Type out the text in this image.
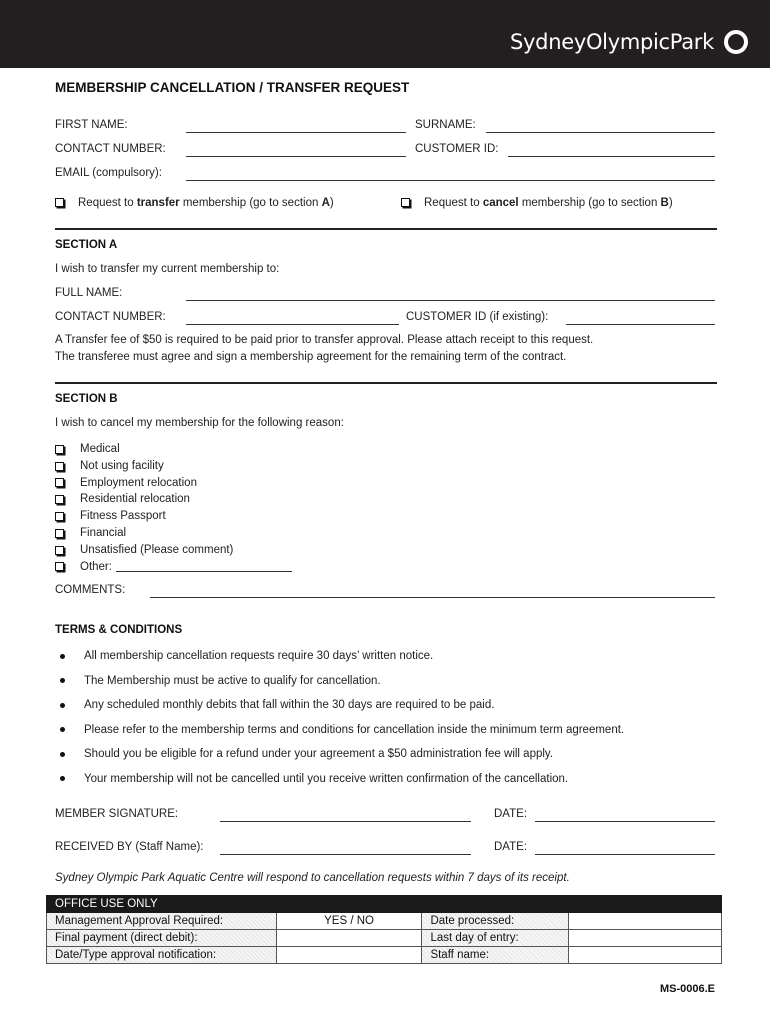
SydneyOlympicPark
MEMBERSHIP CANCELLATION / TRANSFER REQUEST
FIRST NAME:	SURNAME:
CONTACT NUMBER:	CUSTOMER ID:
EMAIL (compulsory):
Request to transfer membership (go to section A)	Request to cancel membership (go to section B)
SECTION A
I wish to transfer my current membership to:
FULL NAME:
CONTACT NUMBER:	CUSTOMER ID (if existing):
A Transfer fee of $50 is required to be paid prior to transfer approval. Please attach receipt to this request.
The transferee must agree and sign a membership agreement for the remaining term of the contract.
SECTION B
I wish to cancel my membership for the following reason:
Medical
Not using facility
Employment relocation
Residential relocation
Fitness Passport
Financial
Unsatisfied (Please comment)
Other:
COMMENTS:
TERMS & CONDITIONS
All membership cancellation requests require 30 days’ written notice.
The Membership must be active to qualify for cancellation.
Any scheduled monthly debits that fall within the 30 days are required to be paid.
Please refer to the membership terms and conditions for cancellation inside the minimum term agreement.
Should you be eligible for a refund under your agreement a $50 administration fee will apply.
Your membership will not be cancelled until you receive written confirmation of the cancellation.
MEMBER SIGNATURE:	DATE:
RECEIVED BY (Staff Name):	DATE:
Sydney Olympic Park Aquatic Centre will respond to cancellation requests within 7 days of its receipt.
OFFICE USE ONLY			
Management Approval Required:	YES / NO	Date processed:	
Final payment (direct debit):		Last day of entry:	
Date/Type approval notification:		Staff name:	
MS-0006.E
